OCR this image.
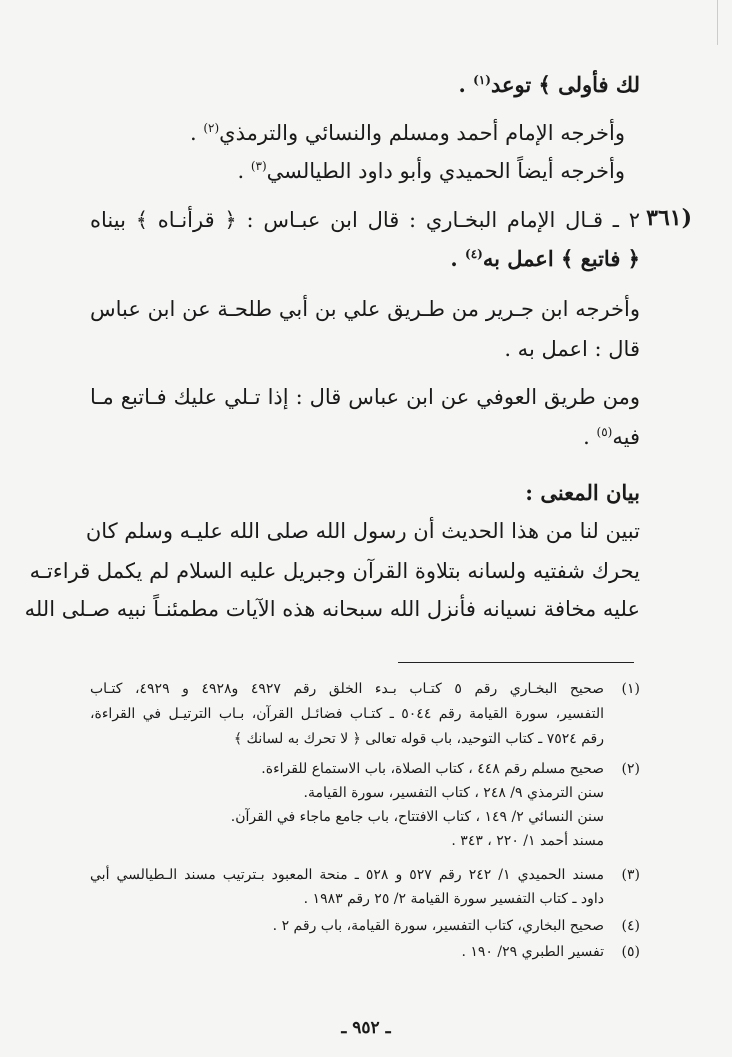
لك فأولى ﴾ توعد$^{(١)}$ .
وأخرجه الإمام أحمد ومسلم والنسائي والترمذي$^{(٢)}$ .
وأخرجه أيضاً الحميدي وأبو داود الطيالسي$^{(٣)}$ .
(٣٦١
٢ ـ قـال الإمام البخـاري : قال ابن عبـاس : ﴿ قرأنـاه ﴾ بيناه
﴿ فاتبع ﴾ اعمل به$^{(٤)}$ .
وأخرجه ابن جـرير من طـريق علي بن أبي طلحـة عن ابن عباس
قال : اعمل به .
ومن طريق العوفي عن ابن عباس قال : إذا تـلي عليك فـاتبع مـا
فيه$^{(٥)}$ .
بيان المعنى :
تبين لنا من هذا الحديث أن رسول الله صلى الله عليـه وسلم كان
يحرك شفتيه ولسانه بتلاوة القرآن وجبريل عليه السلام لم يكمل قراءتـه
عليه مخافة نسيانه فأنزل الله سبحانه هذه الآيات مطمئنـاً نبيه صـلى الله
(١)
صحيح البخـاري رقم ٥ كتـاب بـدء الخلق رقم ٤٩٢٧ و٤٩٢٨ و ٤٩٢٩، كتـاب
التفسير، سورة القيامة رقم ٥٠٤٤ ـ كتـاب فضائـل القرآن، بـاب الترتيـل في القراءة،
رقم ٧٥٢٤ ـ كتاب التوحيد، باب قوله تعالى ﴿ لا تحرك به لسانك ﴾
(٢)
صحيح مسلم رقم ٤٤٨ ، كتاب الصلاة، باب الاستماع للقراءة.
سنن الترمذي ٩/ ٢٤٨ ، كتاب التفسير، سورة القيامة.
سنن النسائي ٢/ ١٤٩ ، كتاب الافتتاح، باب جامع ماجاء في القرآن.
مسند أحمد ١/ ٢٢٠ ، ٣٤٣ .
(٣)
مسند الحميدي ١/ ٢٤٢ رقم ٥٢٧ و ٥٢٨ ـ منحة المعبود بـترتيب مسند الـطيالسي أبي
داود ـ كتاب التفسير سورة القيامة ٢/ ٢٥ رقم ١٩٨٣ .
(٤)
صحيح البخاري، كتاب التفسير، سورة القيامة، باب رقم ٢ .
(٥)
تفسير الطبري ٢٩/ ١٩٠ .
ـ ٩٥٢ ـ
